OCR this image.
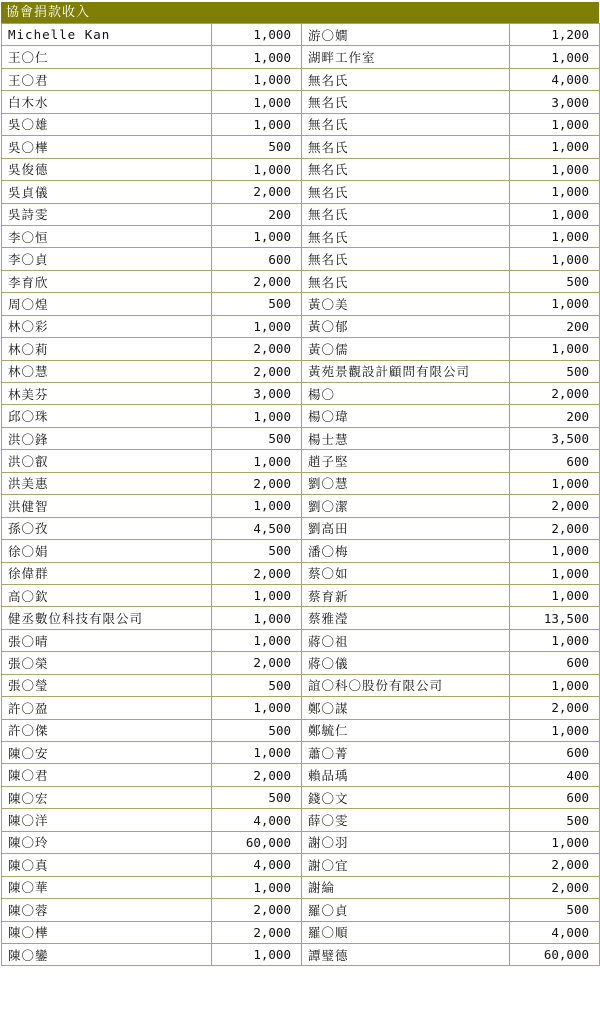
協會捐款收入
Michelle Kan	1,000	游〇嫺	1,200
王〇仁	1,000	湖畔工作室	1,000
王〇君	1,000	無名氏	4,000
白木水	1,000	無名氏	3,000
吳〇雄	1,000	無名氏	1,000
吳〇樺	500	無名氏	1,000
吳俊德	1,000	無名氏	1,000
吳貞儀	2,000	無名氏	1,000
吳詩雯	200	無名氏	1,000
李〇恒	1,000	無名氏	1,000
李〇貞	600	無名氏	1,000
李育欣	2,000	無名氏	500
周〇煌	500	黃〇美	1,000
林〇彩	1,000	黃〇郁	200
林〇莉	2,000	黃〇儒	1,000
林〇慧	2,000	黃苑景觀設計顧問有限公司	500
林美芬	3,000	楊〇	2,000
邱〇珠	1,000	楊〇瑋	200
洪〇鋒	500	楊士慧	3,500
洪〇叡	1,000	趙子堅	600
洪美惠	2,000	劉〇慧	1,000
洪健智	1,000	劉〇潔	2,000
孫〇孜	4,500	劉高田	2,000
徐〇娟	500	潘〇梅	1,000
徐偉群	2,000	蔡〇如	1,000
高〇欽	1,000	蔡育新	1,000
健丞數位科技有限公司	1,000	蔡雅瀅	13,500
張〇晴	1,000	蔣〇祖	1,000
張〇榮	2,000	蔣〇儀	600
張〇瑩	500	誼〇科〇股份有限公司	1,000
許〇盈	1,000	鄭〇謀	2,000
許〇傑	500	鄭毓仁	1,000
陳〇安	1,000	蕭〇菁	600
陳〇君	2,000	賴品瑀	400
陳〇宏	500	錢〇文	600
陳〇洋	4,000	薛〇雯	500
陳〇玲	60,000	謝〇羽	1,000
陳〇真	4,000	謝〇宜	2,000
陳〇華	1,000	謝綸	2,000
陳〇蓉	2,000	羅〇貞	500
陳〇樺	2,000	羅〇順	4,000
陳〇鑾	1,000	譚璧德	60,000
